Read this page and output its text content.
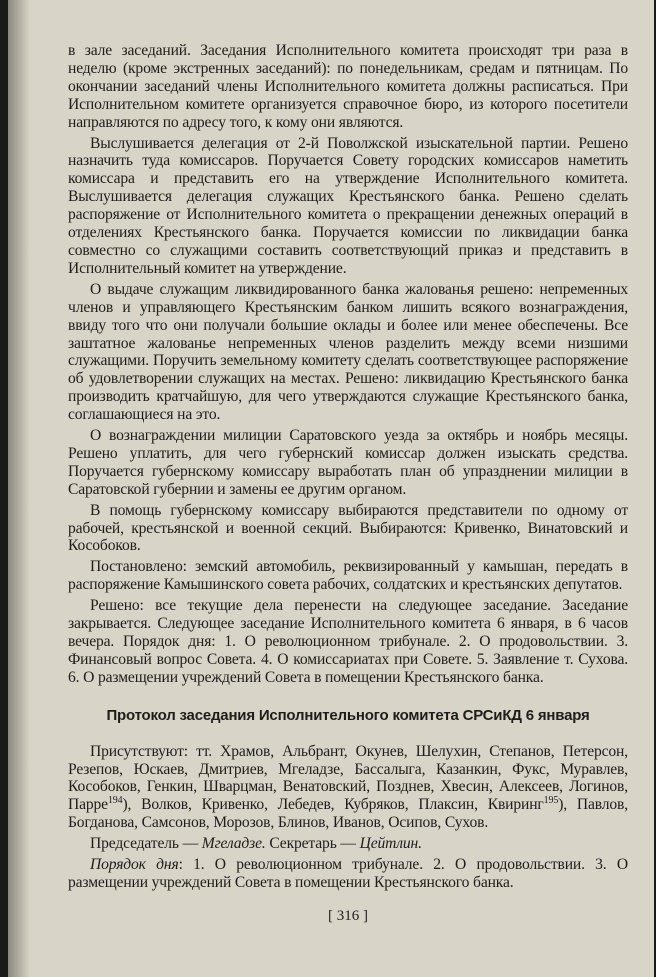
в зале заседаний. Заседания Исполнительного комитета происходят три раза в неделю (кроме экстренных заседаний): по понедельникам, средам и пятницам. По окончании заседаний члены Исполнительного комитета должны расписаться. При Исполнительном комитете организуется справочное бюро, из которого посетители направляются по адресу того, к кому они являются.

Выслушивается делегация от 2-й Поволжской изыскательной партии. Решено назначить туда комиссаров. Поручается Совету городских комиссаров наметить комиссара и представить его на утверждение Исполнительного комитета. Выслушивается делегация служащих Крестьянского банка. Решено сделать распоряжение от Исполнительного комитета о прекращении денежных операций в отделениях Крестьянского банка. Поручается комиссии по ликвидации банка совместно со служащими составить соответствующий приказ и представить в Исполнительный комитет на утверждение.

О выдаче служащим ликвидированного банка жалованья решено: непременных членов и управляющего Крестьянским банком лишить всякого вознаграждения, ввиду того что они получали большие оклады и более или менее обеспечены. Все заштатное жалованье непременных членов разделить между всеми низшими служащими. Поручить земельному комитету сделать соответствующее распоряжение об удовлетворении служащих на местах. Решено: ликвидацию Крестьянского банка производить кратчайшую, для чего утверждаются служащие Крестьянского банка, соглашающиеся на это.

О вознаграждении милиции Саратовского уезда за октябрь и ноябрь месяцы. Решено уплатить, для чего губернский комиссар должен изыскать средства. Поручается губернскому комиссару выработать план об упразднении милиции в Саратовской губернии и замены ее другим органом.

В помощь губернскому комиссару выбираются представители по одному от рабочей, крестьянской и военной секций. Выбираются: Кривенко, Винатовский и Кособоков.

Постановлено: земский автомобиль, реквизированный у камышан, передать в распоряжение Камышинского совета рабочих, солдатских и крестьянских депутатов.

Решено: все текущие дела перенести на следующее заседание. Заседание закрывается. Следующее заседание Исполнительного комитета 6 января, в 6 часов вечера. Порядок дня: 1. О революционном трибунале. 2. О продовольствии. 3. Финансовый вопрос Совета. 4. О комиссариатах при Совете. 5. Заявление т. Сухова. 6. О размещении учреждений Совета в помещении Крестьянского банка.

Протокол заседания Исполнительного комитета СРСиКД 6 января

Присутствуют: тт. Храмов, Альбрант, Окунев, Шелухин, Степанов, Петерсон, Резепов, Юскаев, Дмитриев, Мгеладзе, Бассалыга, Казанкин, Фукс, Муравлев, Кособоков, Генкин, Шварцман, Венатовский, Позднев, Хвесин, Алексеев, Логинов, Парре$^{194}$), Волков, Кривенко, Лебедев, Кубряков, Плаксин, Квиринг$^{195}$), Павлов, Богданова, Самсонов, Морозов, Блинов, Иванов, Осипов, Сухов.

Председатель — Мгеладзе. Секретарь — Цейтлин.

Порядок дня: 1. О революционном трибунале. 2. О продовольствии. 3. О размещении учреждений Совета в помещении Крестьянского банка.

[ 316 ]
